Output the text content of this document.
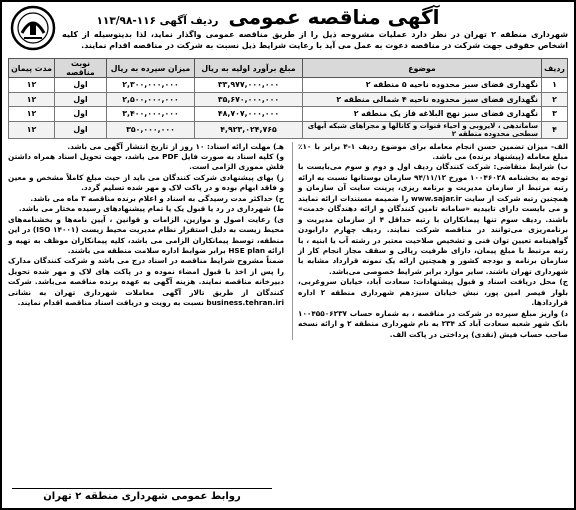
آگهی مناقصه عمومی
ردیف آگهی ۱۱۶-۱۱۳/۹۸
شهرداری منطقه ۲ تهران در نظر دارد عملیات مشروحه ذیل را از طریق مناقصه عمومی واگذار نماید، لذا بدینوسیله از کلیه اشخاص حقوقی جهت شرکت در مناقصه دعوت به عمل می آید با رعایت شرایط ذیل نسبت به شرکت در مناقصه اقدام نمایند.
ردیف	موضوع	مبلغ برآورد اولیه به ریال	میزان سپرده به ریال	نوبت مناقصه	مدت پیمان
۱	نگهداری فضای سبز محدوده ناحیه ۵ منطقه ۲	۳۳,۹۷۷,۰۰۰,۰۰۰	۲,۳۰۰,۰۰۰,۰۰۰	اول	۱۲
۲	نگهداری فضای سبز محدوده ناحیه ۴ شمالی منطقه ۲	۳۵,۶۷۰,۰۰۰,۰۰۰	۲,۵۰۰,۰۰۰,۰۰۰	اول	۱۲
۳	نگهداری فضای سبز نهج البلاغه فاز یک منطقه ۲	۴۸,۷۰۷,۰۰۰,۰۰۰	۳,۴۰۰,۰۰۰,۰۰۰	اول	۱۲
۴	ساماندهی ، لایروبی و احیاء قنوات و کانالها و مجراهای شبکه آبهای سطحی محدوده منطقه ۲	۴,۹۲۳,۰۲۴,۷۶۵	۳۵۰,۰۰۰,۰۰۰	اول	۱۲

الف- میزان تضمین حسن انجام معامله برای موضوع ردیف ۱-۴ برابر با ۱۰٪ مبلغ معامله (پیشنهاد برنده) می باشد.

ب) شرایط متقاضی: شرکت کنندگان ردیف اول و دوم و سوم می‌بایست با توجه به بخشنامه ۱۰۰۴۶۰۲۸ مورخ ۹۴/۱۱/۱۲ سازمان بوستانها نسبت به ارائه رتبه مرتبط از سازمان مدیریت و برنامه ریزی، پرینت سایت آن سازمان و همچنین رتبه شرکت از سایت www.sajar.ir را ضمیمه مستندات ارائه نمایند و می بایست دارای تاییدیه «سامانه تامین کنندگان و ارائه دهندگان خدمت» باشند. ردیف سوم تنها پیمانکاران با رتبه حداقل ۴ از سازمان مدیریت و برنامه‌ریزی می‌توانند در مناقصه شرکت نمایند. ردیف چهارم دارابودن گواهینامه تعیین توان فنی و تشخیص صلاحیت معتبر در رشته آب یا ابنیه ، با رتبه مرتبط با مبلغ پیمان، دارای ظرفیت ریالی و سقف مجاز انجام کار از سازمان برنامه و بودجه کشور و همچنین ارائه یک نمونه قرارداد مشابه با شهرداری تهران باشند. سایر موارد برابر شرایط خصوصی می‌باشد.

ج) محل دریافت اسناد و قبول پیشنهادات: سعادت آباد، خیابان سروغربی، بلوار فیصر امین پور، نبش خیابان سیزدهم شهرداری منطقه ۲ اداره قراردادها.

د) واریز مبلغ سپرده در شرکت در مناقصه ، به شماره حساب ۱۰۰۴۵۵۰۶۲۳۷ بانک شهر شعبه سعادت آباد کد ۲۳۴ به نام شهرداری منطقه ۲ و ارائه نسخه صاحب حساب فیش (نقدی) پرداختی در پاکت الف.

هـ) مهلت ارائه اسناد: ۱۰ روز از تاریخ انتشار آگهی می باشد.

و) کلیه اسناد به صورت فایل PDF می باشد، جهت تحویل اسناد همراه داشتن فلش مموری الزامی است.

ز) بهای پیشنهادی شرکت کنندگان می باید از حیث مبلغ کاملاً مشخص و معین و فاقد ابهام بوده و در پاکت لاک و مهر شده تسلیم گردد.

ح) حداکثر مدت رسیدگی به اسناد و اعلام برنده مناقصه ۳ ماه می باشد.

ط) شهرداری در رد یا قبول یک یا تمام پیشنهادهای رسیده مختار می باشد.

ی) رعایت اصول و موازین، الزامات و قوانین ، آیین نامه‌ها و بخشنامه‌های محیط زیست به دلیل استقرار نظام مدیریت محیط زیست (ISO ۱۴۰۰۱) در این منطقه، توسط پیمانکاران الزامی می باشد، کلیه پیمانکاران موظف به تهیه و ارائه HSE plan برابر ضوابط اداره سلامت منطقه می باشند.

ضمناً مشروح شرایط مناقصه در اسناد درج می باشد و شرکت کنندگان مدارک را پس از اخذ با قبول امضاء نموده و در پاکت های لاک و مهر شده تحویل دبیرخانه مناقصه نمایند. هزینه آگهی به عهده برنده مناقصه می‌باشد. شرکت کنندگان از طریق تالار آگهی معاملات شهرداری تهران به نشانی business.tehran.iri نسبت به رویت و دریافت اسناد مناقصه اقدام نمایند.

روابط عمومی شهرداری منطقه ۲ تهران
